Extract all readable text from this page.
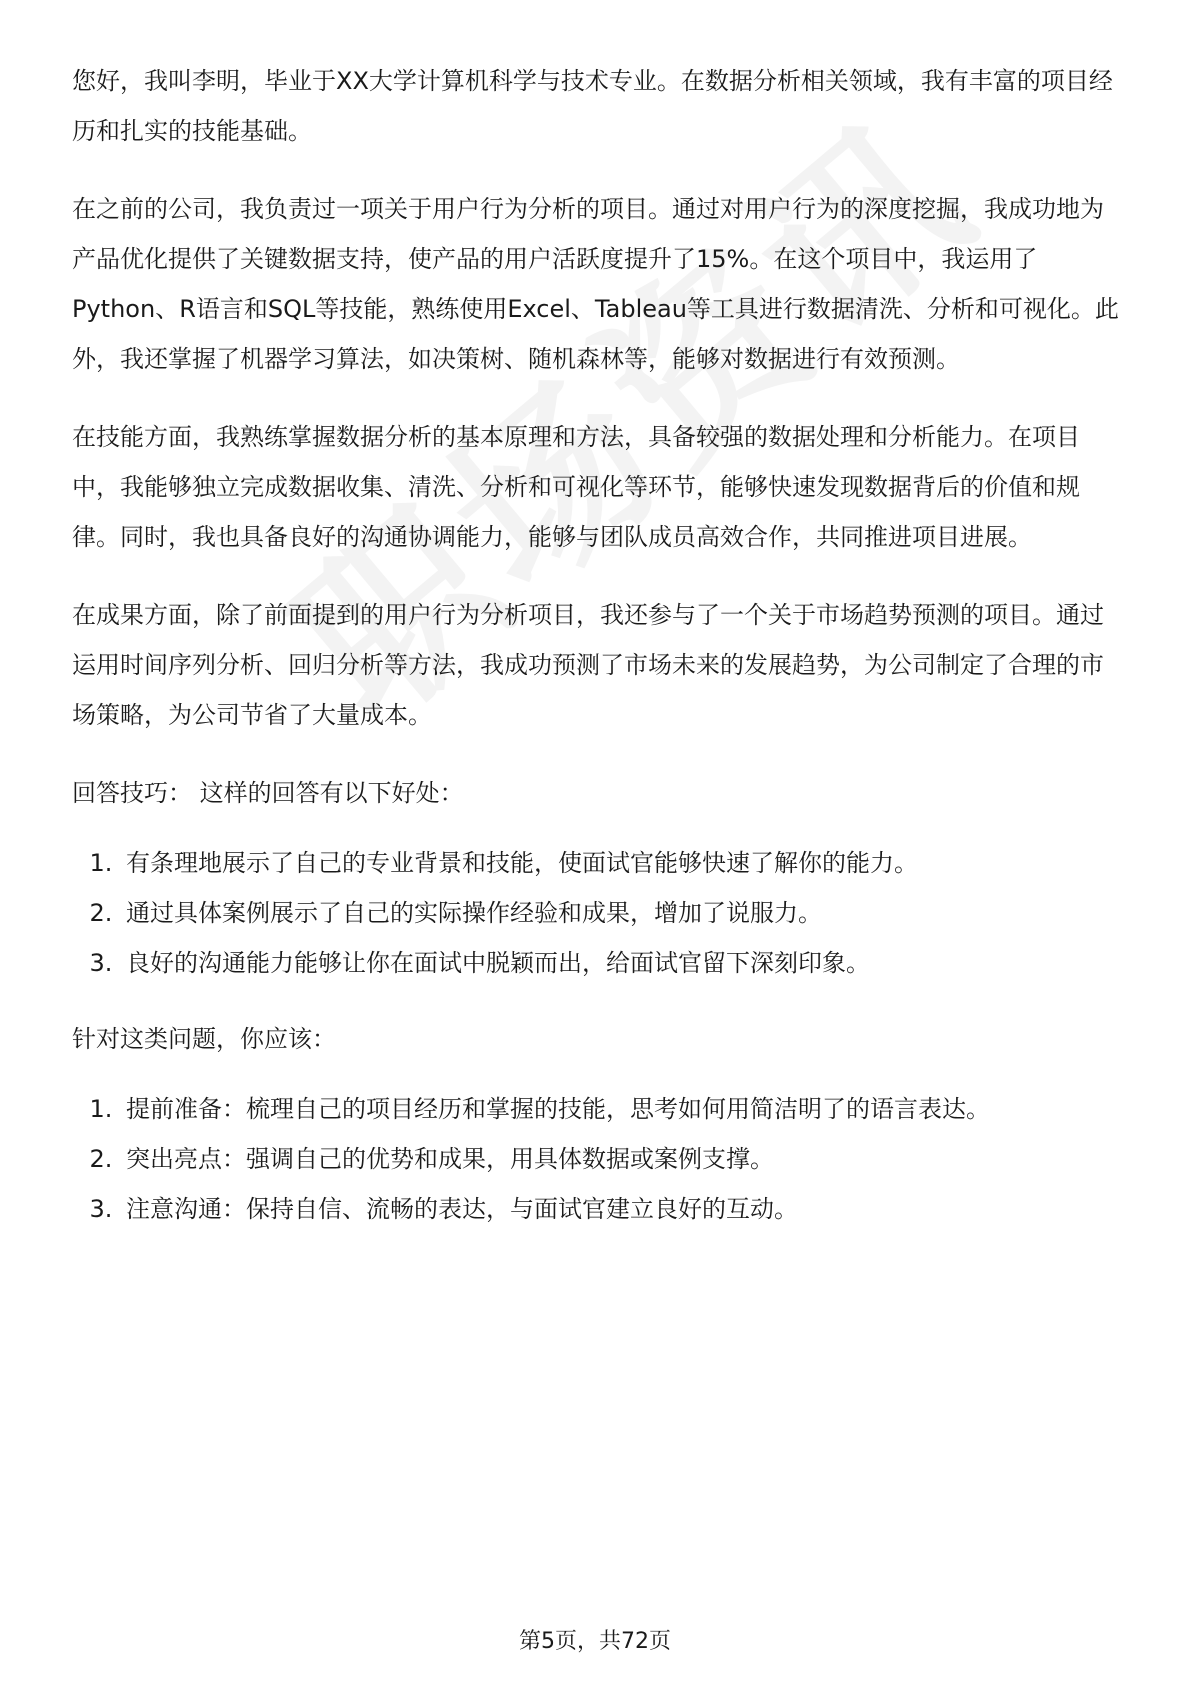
您好，我叫李明，毕业于XX大学计算机科学与技术专业。在数据分析相关领域，我有丰富的项目经历和扎实的技能基础。

在之前的公司，我负责过一项关于用户行为分析的项目。通过对用户行为的深度挖掘，我成功地为产品优化提供了关键数据支持，使产品的用户活跃度提升了15%。在这个项目中，我运用了Python、R语言和SQL等技能，熟练使用Excel、Tableau等工具进行数据清洗、分析和可视化。此外，我还掌握了机器学习算法，如决策树、随机森林等，能够对数据进行有效预测。

在技能方面，我熟练掌握数据分析的基本原理和方法，具备较强的数据处理和分析能力。在项目中，我能够独立完成数据收集、清洗、分析和可视化等环节，能够快速发现数据背后的价值和规律。同时，我也具备良好的沟通协调能力，能够与团队成员高效合作，共同推进项目进展。

在成果方面，除了前面提到的用户行为分析项目，我还参与了一个关于市场趋势预测的项目。通过运用时间序列分析、回归分析等方法，我成功预测了市场未来的发展趋势，为公司制定了合理的市场策略，为公司节省了大量成本。

回答技巧： 这样的回答有以下好处：

1. 有条理地展示了自己的专业背景和技能，使面试官能够快速了解你的能力。
2. 通过具体案例展示了自己的实际操作经验和成果，增加了说服力。
3. 良好的沟通能力能够让你在面试中脱颖而出，给面试官留下深刻印象。

针对这类问题，你应该：

1. 提前准备：梳理自己的项目经历和掌握的技能，思考如何用简洁明了的语言表达。
2. 突出亮点：强调自己的优势和成果，用具体数据或案例支撑。
3. 注意沟通：保持自信、流畅的表达，与面试官建立良好的互动。
第5页，共72页
